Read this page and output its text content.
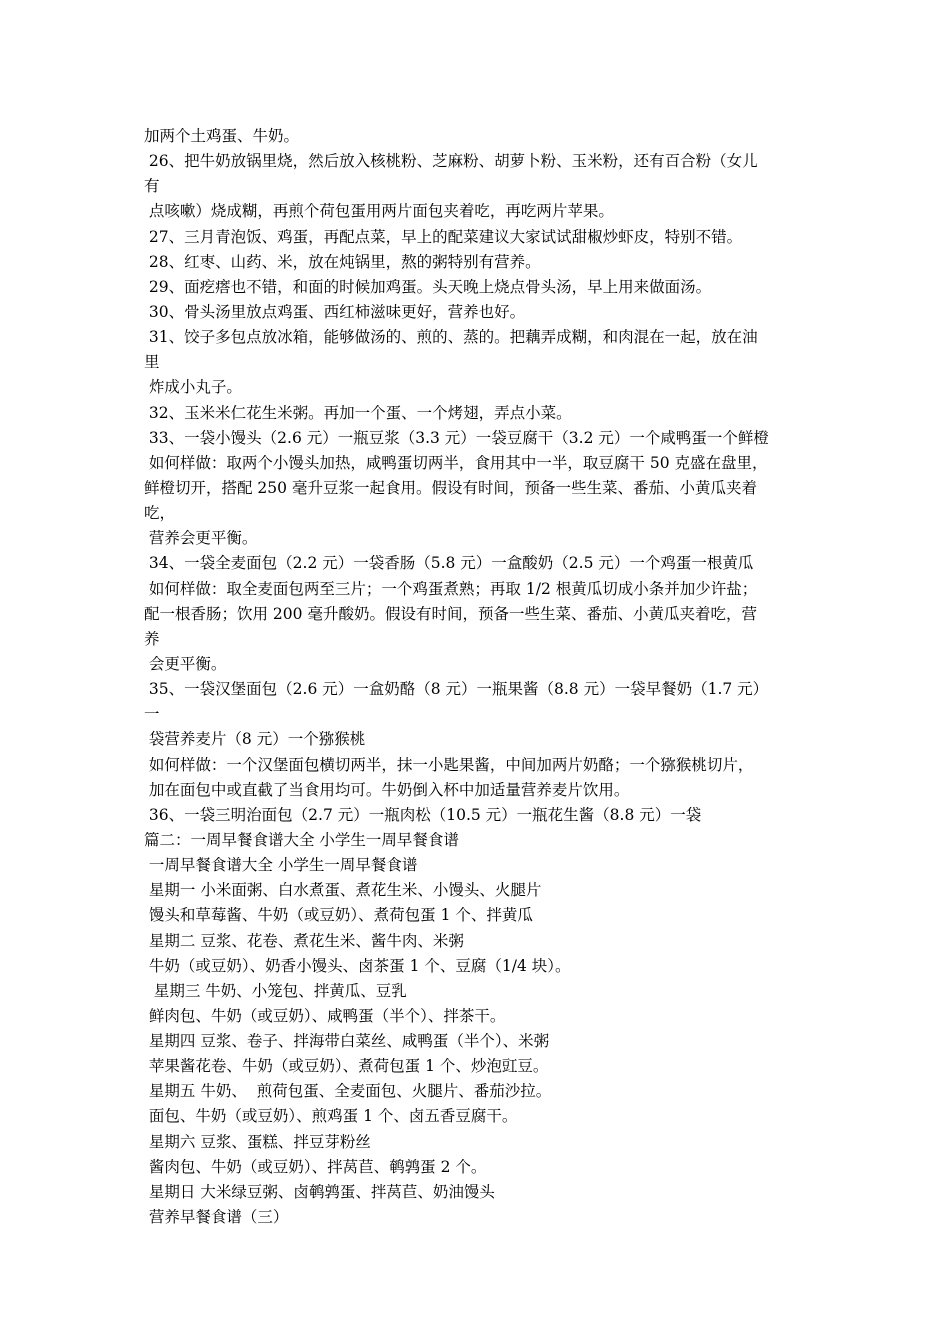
加两个土鸡蛋、牛奶。
26、把牛奶放锅里烧，然后放入核桃粉、芝麻粉、胡萝卜粉、玉米粉，还有百合粉（女儿
有
点咳嗽）烧成糊，再煎个荷包蛋用两片面包夹着吃，再吃两片苹果。
27、三月青泡饭、鸡蛋，再配点菜，早上的配菜建议大家试试甜椒炒虾皮，特别不错。
28、红枣、山药、米，放在炖锅里，熬的粥特别有营养。
29、面疙瘩也不错，和面的时候加鸡蛋。头天晚上烧点骨头汤，早上用来做面汤。
30、骨头汤里放点鸡蛋、西红柿滋味更好，营养也好。
31、饺子多包点放冰箱，能够做汤的、煎的、蒸的。把藕弄成糊，和肉混在一起，放在油
里
炸成小丸子。
32、玉米米仁花生米粥。再加一个蛋、一个烤翅，弄点小菜。
33、一袋小馒头（2.6 元）一瓶豆浆（3.3 元）一袋豆腐干（3.2 元）一个咸鸭蛋一个鲜橙
如何样做：取两个小馒头加热，咸鸭蛋切两半，食用其中一半，取豆腐干 50 克盛在盘里，
鲜橙切开，搭配 250 毫升豆浆一起食用。假设有时间，预备一些生菜、番茄、小黄瓜夹着
吃，
营养会更平衡。
34、一袋全麦面包（2.2 元）一袋香肠（5.8 元）一盒酸奶（2.5 元）一个鸡蛋一根黄瓜
如何样做：取全麦面包两至三片；一个鸡蛋煮熟；再取 1/2 根黄瓜切成小条并加少许盐；
配一根香肠；饮用 200 毫升酸奶。假设有时间，预备一些生菜、番茄、小黄瓜夹着吃，营
养
会更平衡。
35、一袋汉堡面包（2.6 元）一盒奶酪（8 元）一瓶果酱（8.8 元）一袋早餐奶（1.7 元）
一
袋营养麦片（8 元）一个猕猴桃
如何样做：一个汉堡面包横切两半，抹一小匙果酱，中间加两片奶酪；一个猕猴桃切片，
加在面包中或直截了当食用均可。牛奶倒入杯中加适量营养麦片饮用。
36、一袋三明治面包（2.7 元）一瓶肉松（10.5 元）一瓶花生酱（8.8 元）一袋
篇二：一周早餐食谱大全 小学生一周早餐食谱
一周早餐食谱大全 小学生一周早餐食谱
星期一 小米面粥、白水煮蛋、煮花生米、小馒头、火腿片
馒头和草莓酱、牛奶（或豆奶）、煮荷包蛋 1 个、拌黄瓜
星期二 豆浆、花卷、煮花生米、酱牛肉、米粥
牛奶（或豆奶）、奶香小馒头、卤茶蛋 1 个、豆腐（1/4 块）。
星期三 牛奶、小笼包、拌黄瓜、豆乳
鲜肉包、牛奶（或豆奶）、咸鸭蛋（半个）、拌茶干。
星期四 豆浆、卷子、拌海带白菜丝、咸鸭蛋（半个）、米粥
苹果酱花卷、牛奶（或豆奶）、煮荷包蛋 1 个、炒泡豇豆。
星期五 牛奶、  煎荷包蛋、全麦面包、火腿片、番茄沙拉。
面包、牛奶（或豆奶）、煎鸡蛋 1 个、卤五香豆腐干。
星期六 豆浆、蛋糕、拌豆芽粉丝
酱肉包、牛奶（或豆奶）、拌莴苣、鹌鹑蛋 2 个。
星期日 大米绿豆粥、卤鹌鹑蛋、拌莴苣、奶油馒头
营养早餐食谱（三）
